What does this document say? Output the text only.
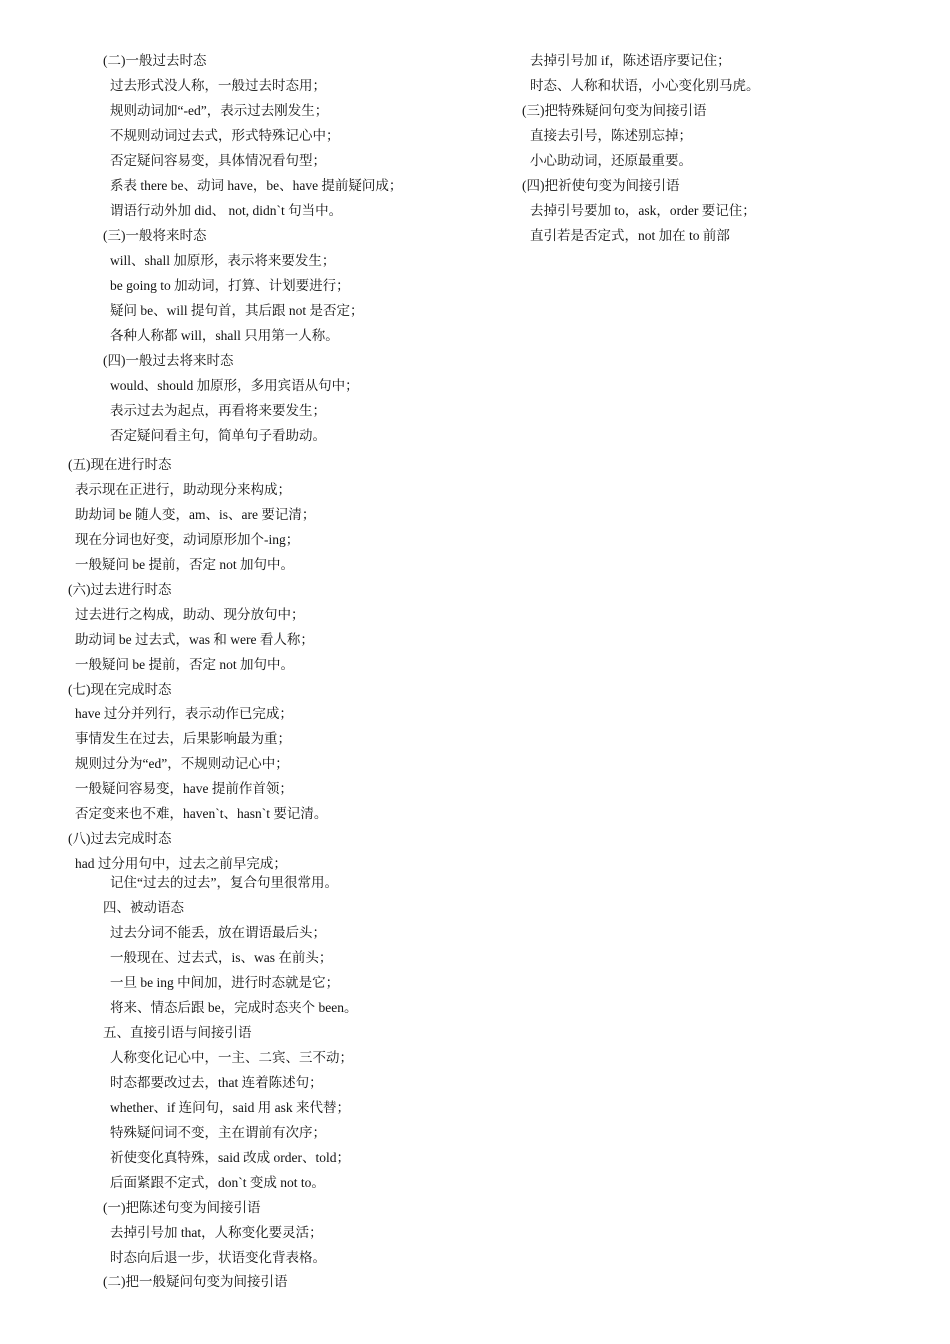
(二)一般过去时态
过去形式没人称，一般过去时态用；
规则动词加“-ed”，表示过去刚发生；
不规则动词过去式，形式特殊记心中；
否定疑问容易变，具体情况看句型；
系表 there be、动词 have，be、have 提前疑问成；
谓语行动外加 did、 not, didn`t 句当中。
(三)一般将来时态
will、shall 加原形，表示将来要发生；
be going to 加动词，打算、计划要进行；
疑问 be、will 提句首，其后跟 not 是否定；
各种人称都 will，shall 只用第一人称。
(四)一般过去将来时态
would、should 加原形，多用宾语从句中；
表示过去为起点，再看将来要发生；
否定疑问看主句，简单句子看助动。
(五)现在进行时态
表示现在正进行，助动现分来构成；
助劫词 be 随人变，am、is、are 要记清；
现在分词也好变，动词原形加个-ing；
一般疑问 be 提前，否定 not 加句中。
(六)过去进行时态
过去进行之构成，助动、现分放句中；
助动词 be 过去式，was 和 were 看人称；
一般疑问 be 提前，否定 not 加句中。
(七)现在完成时态
have 过分并列行，表示动作已完成；
事情发生在过去，后果影响最为重；
规则过分为“ed”，不规则动记心中；
一般疑问容易变，have 提前作首领；
否定变来也不难，haven`t、hasn`t 要记清。
(八)过去完成时态
had 过分用句中，过去之前早完成；
记住“过去的过去”，复合句里很常用。
四、被动语态
过去分词不能丢，放在谓语最后头；
一般现在、过去式，is、was 在前头；
一旦 be ing 中间加，进行时态就是它；
将来、情态后跟 be，完成时态夹个 been。
五、直接引语与间接引语
人称变化记心中，一主、二宾、三不动；
时态都要改过去，that 连着陈述句；
whether、if 连问句，said 用 ask 来代替；
特殊疑问词不变，主在谓前有次序；
祈使变化真特殊，said 改成 order、told；
后面紧跟不定式，don`t 变成 not to。
(一)把陈述句变为间接引语
去掉引号加 that，人称变化要灵活；
时态向后退一步，状语变化背表格。
(二)把一般疑问句变为间接引语
去掉引号加 if，陈述语序要记住；
时态、人称和状语，小心变化别马虎。
(三)把特殊疑问句变为间接引语
直接去引号，陈述别忘掉；
小心助动词，还原最重要。
(四)把祈使句变为间接引语
去掉引号要加 to，ask，order 要记住；
直引若是否定式，not 加在 to 前部
